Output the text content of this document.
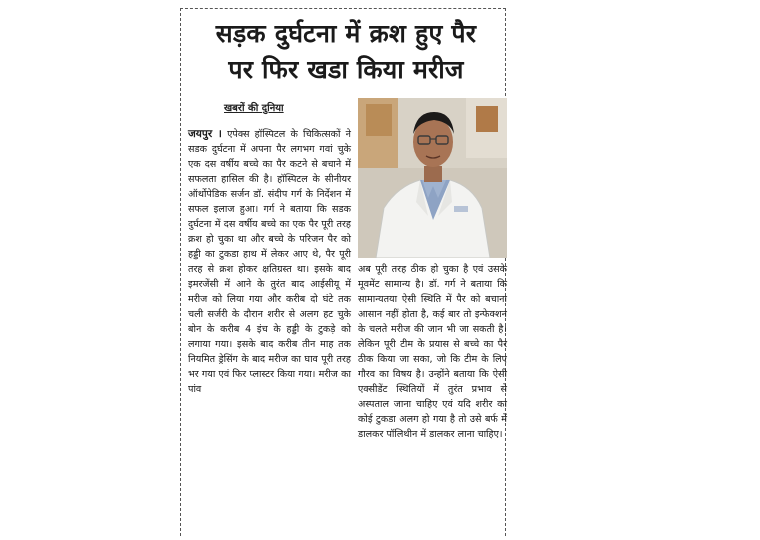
सड़क दुर्घटना में क्रश हुए पैर
पर फिर खडा किया मरीज
खबरों की दुनिया
जयपुर । एपेक्स हॉस्पिटल के चिकित्सकों ने सडक दुर्घटना में अपना पैर लगभग गवां चुके एक दस वर्षीय बच्चे का पैर कटने से बचाने में सफलता हासिल की है। हॉस्पिटल के सीनीयर ऑर्थोपेडिक सर्जन डॉ. संदीप गर्ग के निर्देशन में सफल इलाज हुआ। गर्ग ने बताया कि सडक दुर्घटना में दस वर्षीय बच्चे का एक पैर पूरी तरह क्रश हो चुका था और बच्चे के परिजन पैर को हड्डी का टुकडा हाथ में लेकर आए थे, पैर पूरी तरह से क्रश होकर क्षतिग्रस्त था। इसके बाद इमरजेंसी में आने के तुरंत बाद आईसीयू में मरीज को लिया गया और करीब दो घंटे तक चली सर्जरी के दौरान शरीर से अलग हट चुके बोन के करीब 4 इंच के हड्डी के टुकड़े को लगाया गया। इसके बाद करीब तीन माह तक नियमित ड्रेसिंग के बाद मरीज का घाव पूरी तरह भर गया एवं फिर प्लास्टर किया गया। मरीज का पांव
अब पूरी तरह ठीक हो चुका है एवं उसके मूवमेंट सामान्य है। डॉ. गर्ग ने बताया कि सामान्यतया ऐसी स्थिति में पैर को बचाना आसान नहीं होता है, कई बार तो इन्फेक्शन के चलते मरीज की जान भी जा सकती है। लेकिन पूरी टीम के प्रयास से बच्चे का पैर ठीक किया जा सका, जो कि टीम के लिए गौरव का विषय है। उन्होंने बताया कि ऐसी एक्सीडेंट स्थितियों में तुरंत प्रभाव से अस्पताल जाना चाहिए एवं यदि शरीर का कोई टुकडा अलग हो गया है तो उसे बर्फ में डालकर पॉलिथीन में डालकर लाना चाहिए।
